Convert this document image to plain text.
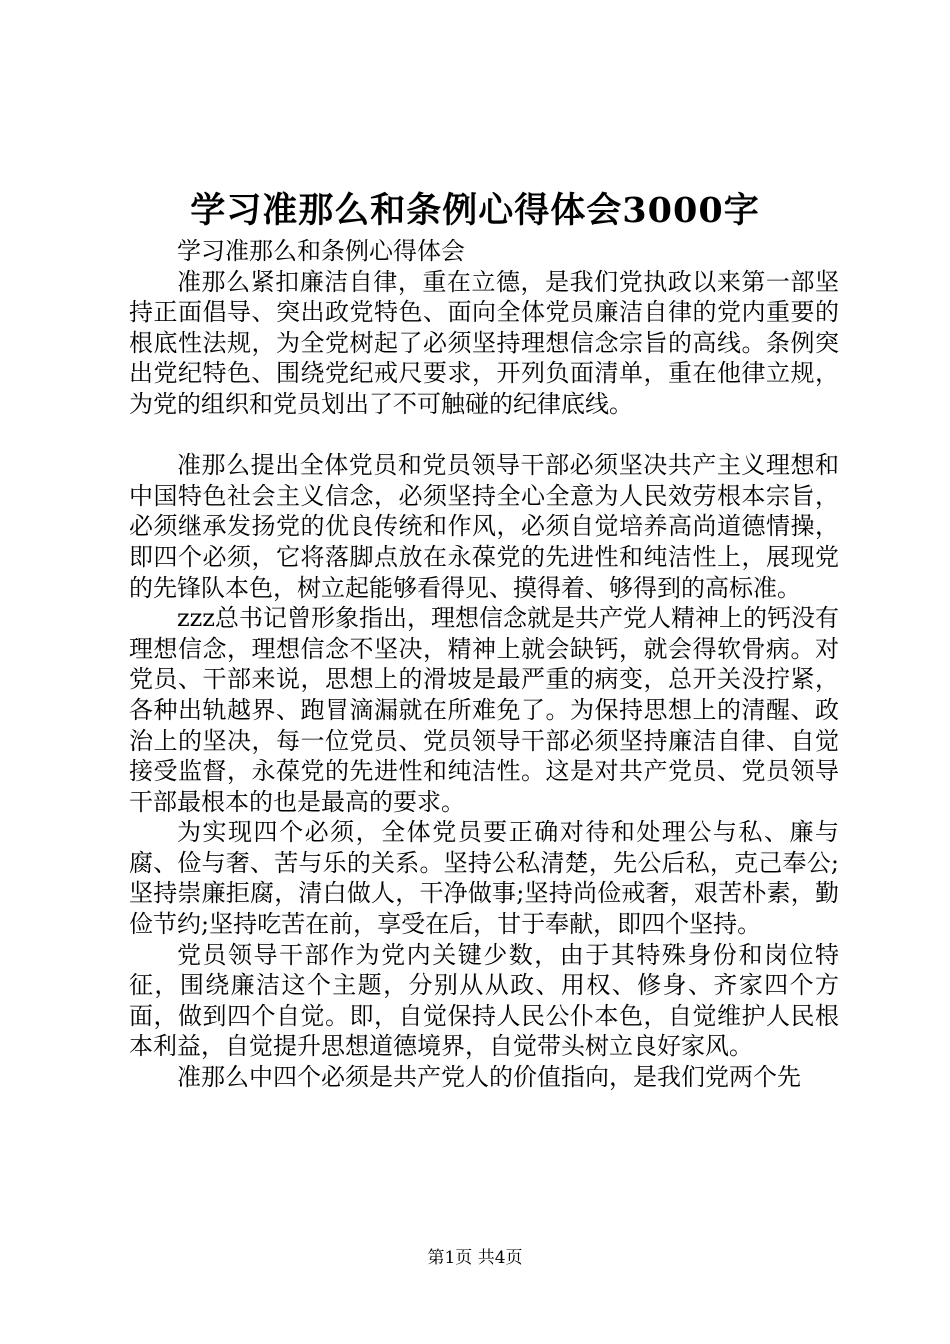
学习准那么和条例心得体会3000字

学习准那么和条例心得体会

准那么紧扣廉洁自律，重在立德，是我们党执政以来第一部坚持正面倡导、突出政党特色、面向全体党员廉洁自律的党内重要的根底性法规，为全党树起了必须坚持理想信念宗旨的高线。条例突出党纪特色、围绕党纪戒尺要求，开列负面清单，重在他律立规，为党的组织和党员划出了不可触碰的纪律底线。

准那么提出全体党员和党员领导干部必须坚决共产主义理想和中国特色社会主义信念，必须坚持全心全意为人民效劳根本宗旨，必须继承发扬党的优良传统和作风，必须自觉培养高尚道德情操，即四个必须，它将落脚点放在永葆党的先进性和纯洁性上，展现党的先锋队本色，树立起能够看得见、摸得着、够得到的高标准。

zzz总书记曾形象指出，理想信念就是共产党人精神上的钙没有理想信念，理想信念不坚决，精神上就会缺钙，就会得软骨病。对党员、干部来说，思想上的滑坡是最严重的病变，总开关没拧紧，各种出轨越界、跑冒滴漏就在所难免了。为保持思想上的清醒、政治上的坚决，每一位党员、党员领导干部必须坚持廉洁自律、自觉接受监督，永葆党的先进性和纯洁性。这是对共产党员、党员领导干部最根本的也是最高的要求。

为实现四个必须，全体党员要正确对待和处理公与私、廉与腐、俭与奢、苦与乐的关系。坚持公私清楚，先公后私，克己奉公;坚持崇廉拒腐，清白做人，干净做事;坚持尚俭戒奢，艰苦朴素，勤俭节约;坚持吃苦在前，享受在后，甘于奉献，即四个坚持。

党员领导干部作为党内关键少数，由于其特殊身份和岗位特征，围绕廉洁这个主题，分别从从政、用权、修身、齐家四个方面，做到四个自觉。即，自觉保持人民公仆本色，自觉维护人民根本利益，自觉提升思想道德境界，自觉带头树立良好家风。

准那么中四个必须是共产党人的价值指向，是我们党两个先

第1页 共4页
